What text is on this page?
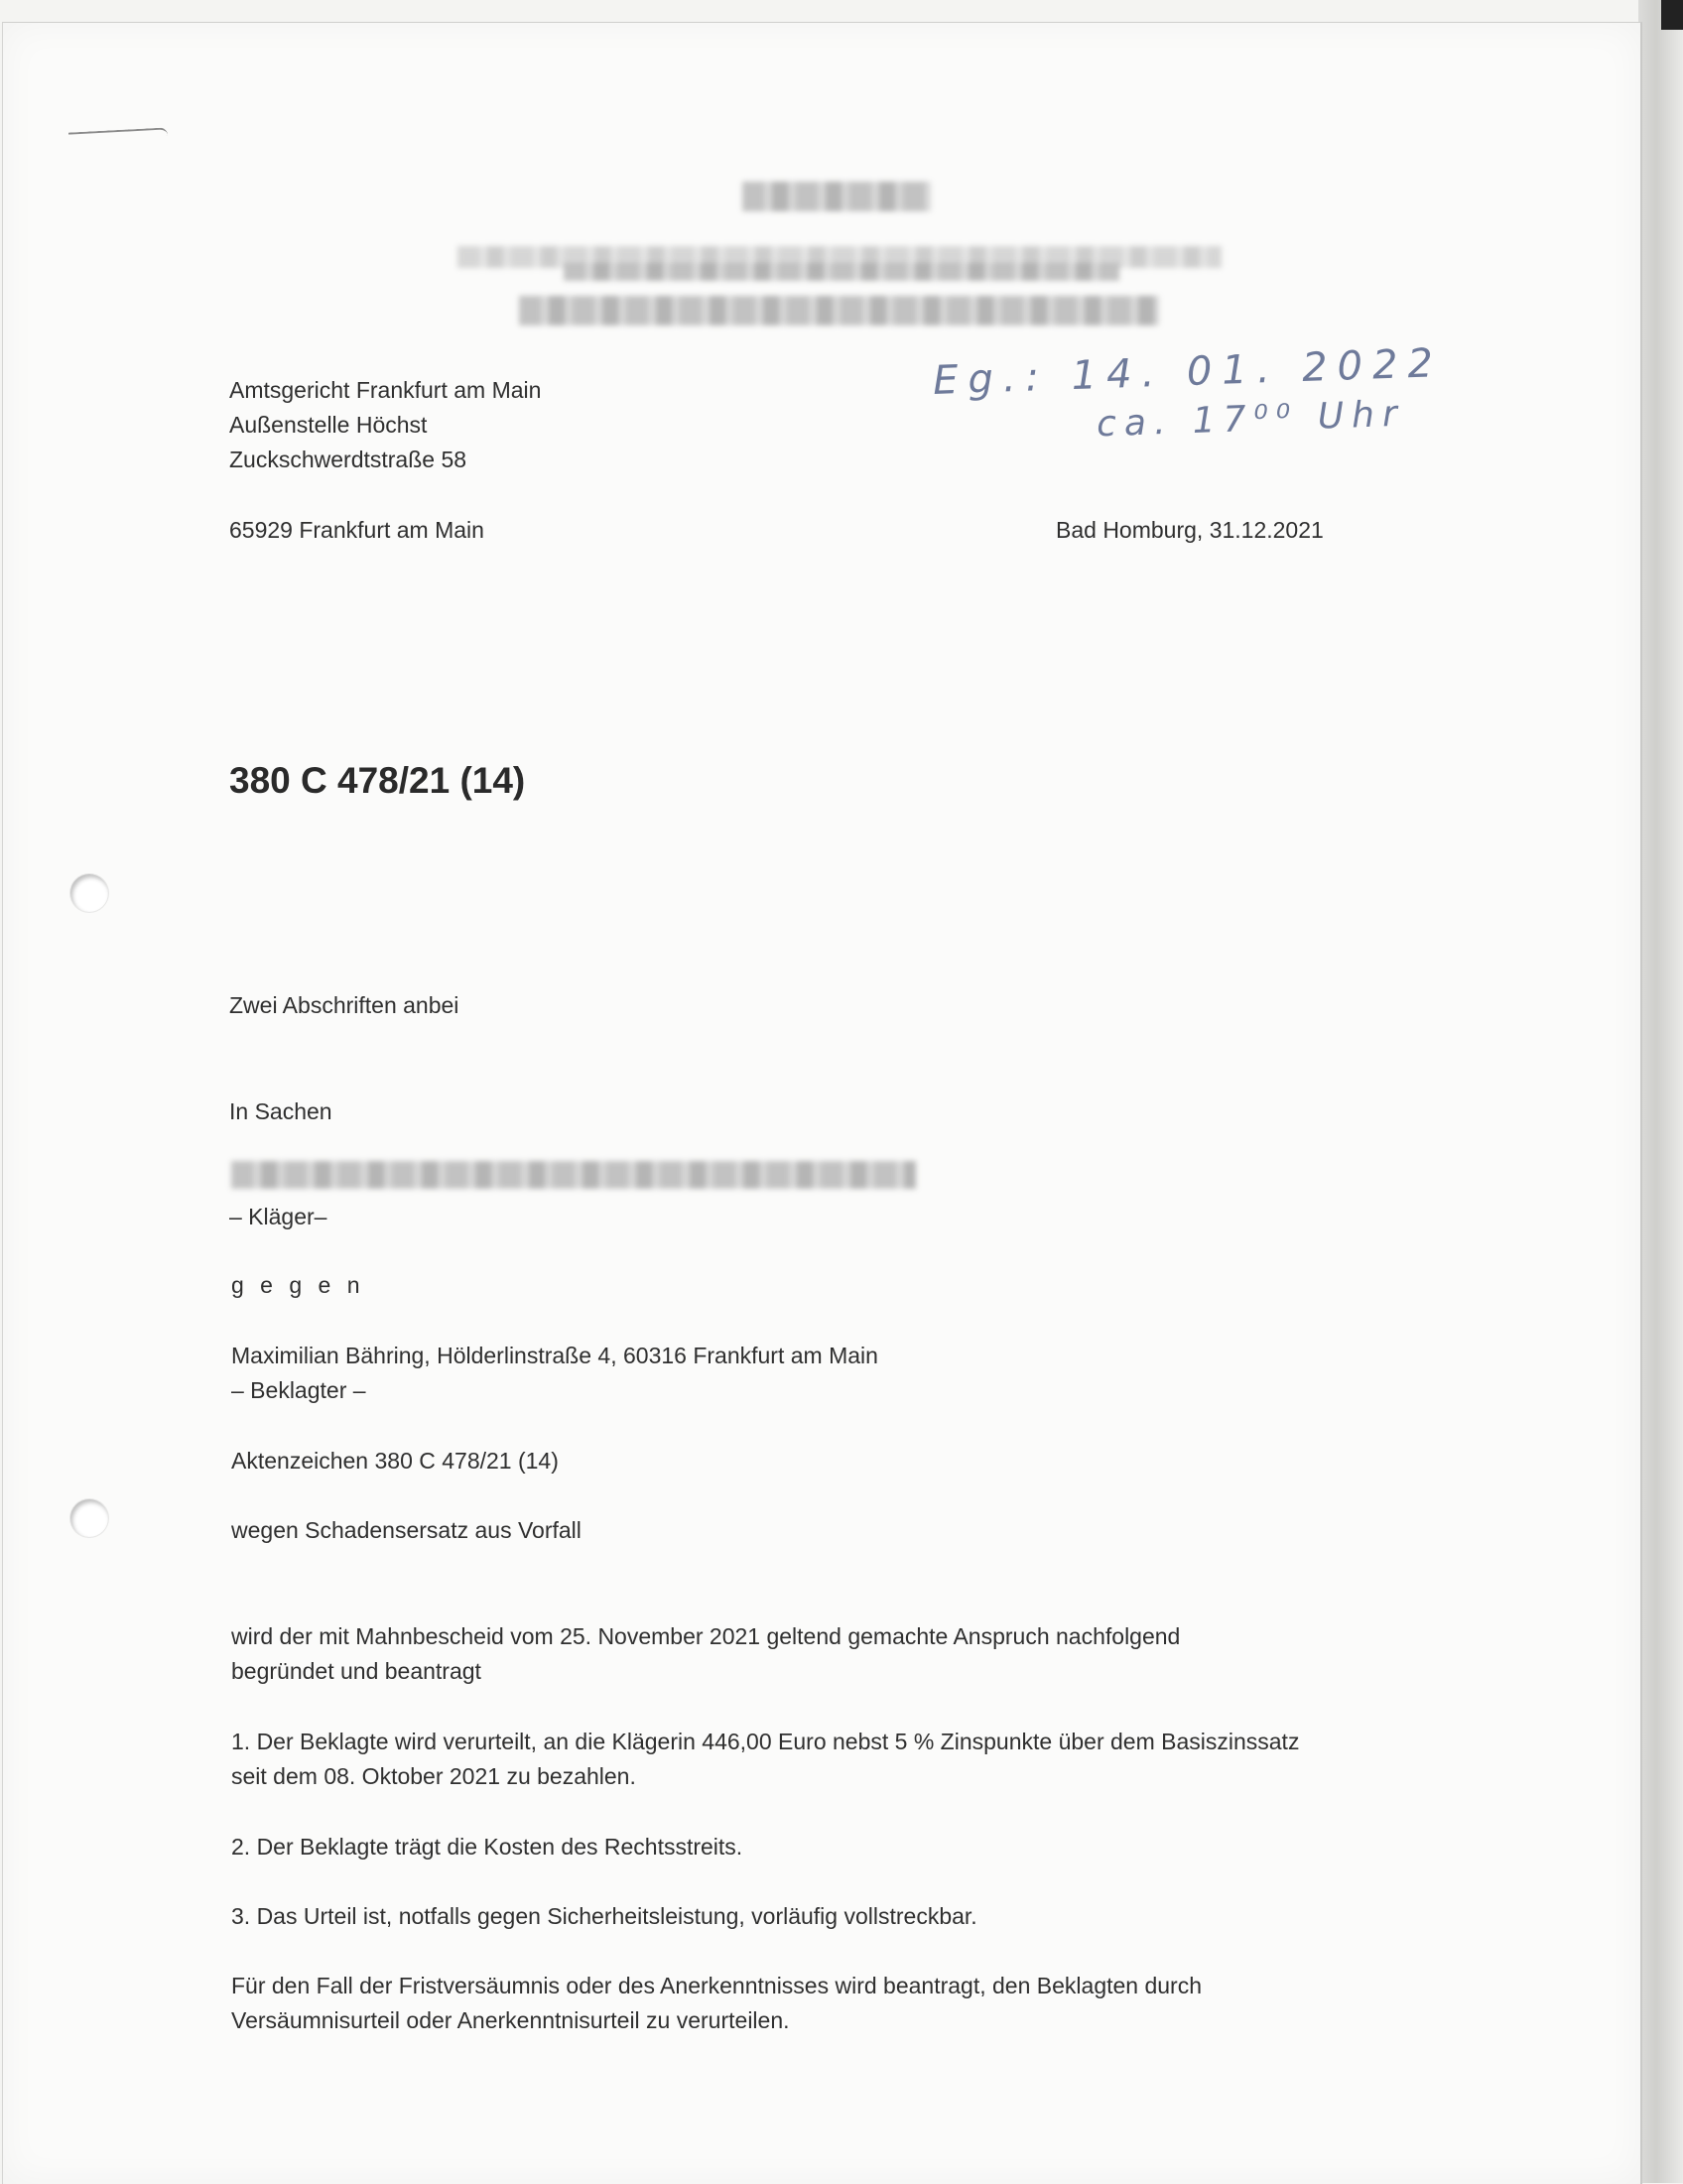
Amtsgericht Frankfurt am Main
Außenstelle Höchst
Zuckschwerdtstraße 58
65929 Frankfurt am Main
Eg.: 14. 01. 2022
ca. 17⁰⁰ Uhr
Bad Homburg, 31.12.2021
380 C 478/21 (14)
Zwei Abschriften anbei
In Sachen
– Kläger–
g e g e n
Maximilian Bähring, Hölderlinstraße 4, 60316 Frankfurt am Main
– Beklagter –
Aktenzeichen 380 C 478/21 (14)
wegen Schadensersatz aus Vorfall

wird der mit Mahnbescheid vom 25. November 2021 geltend gemachte Anspruch nachfolgend

begründet und beantragt

1. Der Beklagte wird verurteilt, an die Klägerin 446,00 Euro nebst 5 % Zinspunkte über dem Basiszinssatz

seit dem 08. Oktober 2021 zu bezahlen.

2. Der Beklagte trägt die Kosten des Rechtsstreits.
3. Das Urteil ist, notfalls gegen Sicherheitsleistung, vorläufig vollstreckbar.

Für den Fall der Fristversäumnis oder des Anerkenntnisses wird beantragt, den Beklagten durch

Versäumnisurteil oder Anerkenntnisurteil zu verurteilen.
